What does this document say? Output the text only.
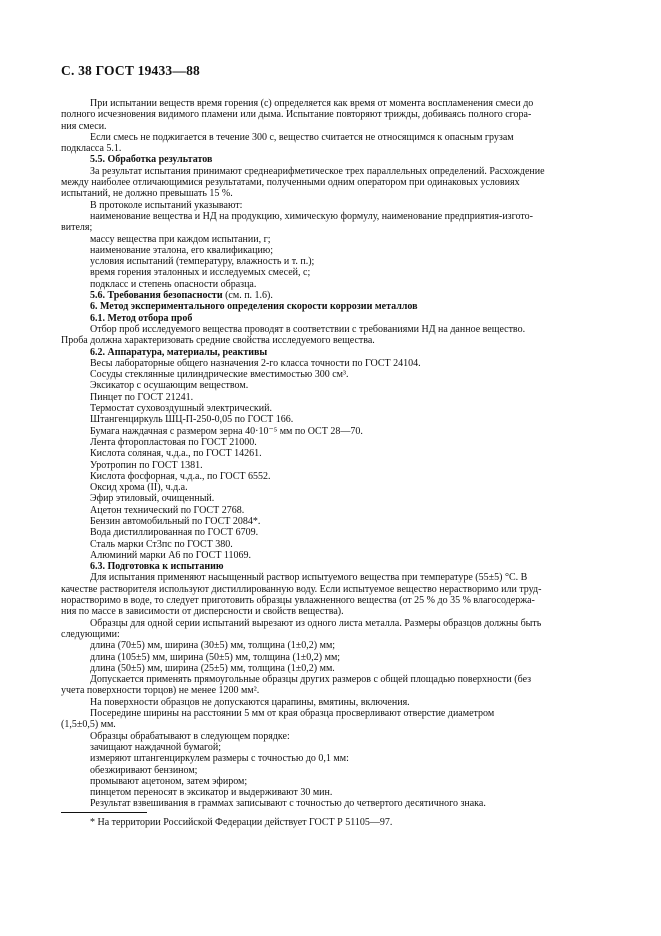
С. 38 ГОСТ 19433—88
При испытании веществ время горения (с) определяется как время от момента воспламенения смеси до
полного исчезновения видимого пламени или дыма. Испытание повторяют трижды, добиваясь полного сгора-
ния смеси.
Если смесь не поджигается в течение 300 с, вещество считается не относящимся к опасным грузам
подкласса 5.1.
5.5. Обработка результатов
За результат испытания принимают среднеарифметическое трех параллельных определений. Расхождение
между наиболее отличающимися результатами, полученными одним оператором при одинаковых условиях
испытаний, не должно превышать 15 %.
В протоколе испытаний указывают:
наименование вещества и НД на продукцию, химическую формулу, наименование предприятия-изгото-
вителя;
массу вещества при каждом испытании, г;
наименование эталона, его квалификацию;
условия испытаний (температуру, влажность и т. п.);
время горения эталонных и исследуемых смесей, с;
подкласс и степень опасности образца.
5.6. Требования безопасности (см. п. 1.6).
6. Метод экспериментального определения скорости коррозии металлов
6.1. Метод отбора проб
Отбор проб исследуемого вещества проводят в соответствии с требованиями НД на данное вещество.
Проба должна характеризовать средние свойства исследуемого вещества.
6.2. Аппаратура, материалы, реактивы
Весы лабораторные общего назначения 2-го класса точности по ГОСТ 24104.
Сосуды стеклянные цилиндрические вместимостью 300 см³.
Эксикатор с осушающим веществом.
Пинцет по ГОСТ 21241.
Термостат суховоздушный электрический.
Штангенциркуль ШЦ-П-250-0,05 по ГОСТ 166.
Бумага наждачная с размером зерна 40·10⁻⁵ мм по ОСТ 28—70.
Лента фторопластовая по ГОСТ 21000.
Кислота соляная, ч.д.а., по ГОСТ 14261.
Уротропин по ГОСТ 1381.
Кислота фосфорная, ч.д.а., по ГОСТ 6552.
Оксид хрома (II), ч.д.а.
Эфир этиловый, очищенный.
Ацетон технический по ГОСТ 2768.
Бензин автомобильный по ГОСТ 2084*.
Вода дистиллированная по ГОСТ 6709.
Сталь марки Ст3пс по ГОСТ 380.
Алюминий марки А6 по ГОСТ 11069.
6.3. Подготовка к испытанию
Для испытания применяют насыщенный раствор испытуемого вещества при температуре (55±5) °С. В
качестве растворителя используют дистиллированную воду. Если испытуемое вещество нерастворимо или труд-
норастворимо в воде, то следует приготовить образцы увлажненного вещества (от 25 % до 35 % влагосодержа-
ния по массе в зависимости от дисперсности и свойств вещества).
Образцы для одной серии испытаний вырезают из одного листа металла. Размеры образцов должны быть
следующими:
длина (70±5) мм, ширина (30±5) мм, толщина (1±0,2) мм;
длина (105±5) мм, ширина (50±5) мм, толщина (1±0,2) мм;
длина (50±5) мм, ширина (25±5) мм, толщина (1±0,2) мм.
Допускается применять прямоугольные образцы других размеров с общей площадью поверхности (без
учета поверхности торцов) не менее 1200 мм².
На поверхности образцов не допускаются царапины, вмятины, включения.
Посередине ширины на расстоянии 5 мм от края образца просверливают отверстие диаметром
(1,5±0,5) мм.
Образцы обрабатывают в следующем порядке:
зачищают наждачной бумагой;
измеряют штангенциркулем размеры с точностью до 0,1 мм:
обезжиривают бензином;
промывают ацетоном, затем эфиром;
пинцетом переносят в эксикатор и выдерживают 30 мин.
Результат взвешивания в граммах записывают с точностью до четвертого десятичного знака.
* На территории Российской Федерации действует ГОСТ Р 51105—97.
